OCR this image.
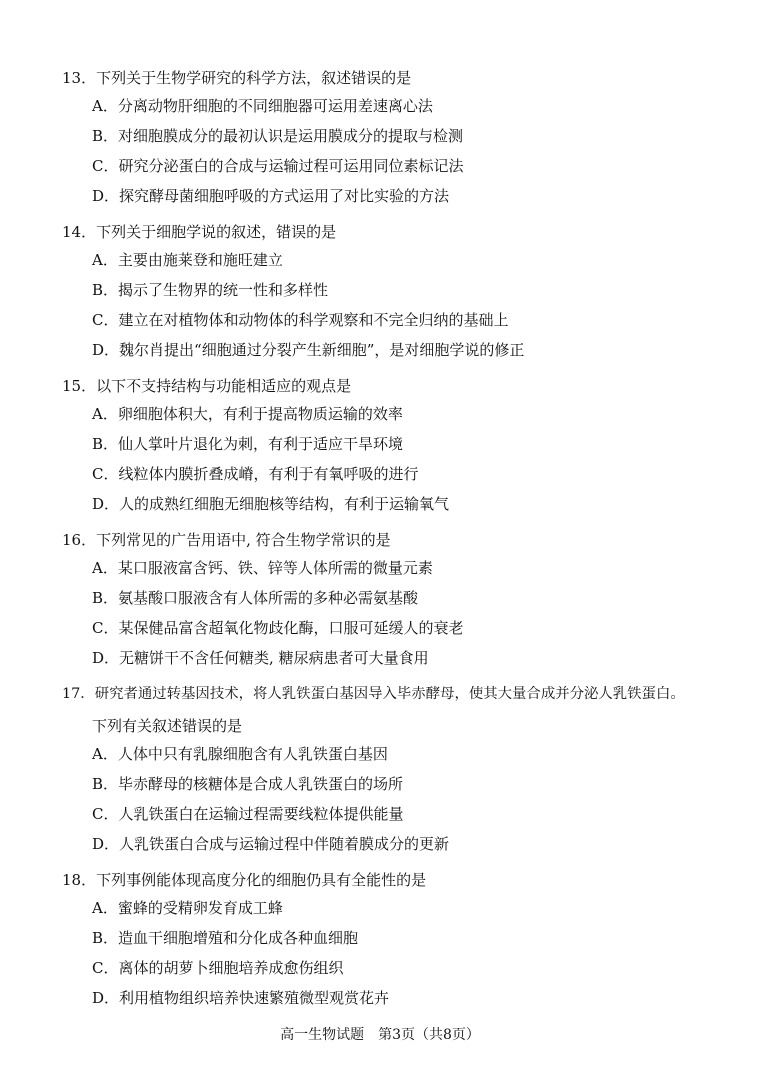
13．下列关于生物学研究的科学方法，叙述错误的是
A．分离动物肝细胞的不同细胞器可运用差速离心法
B．对细胞膜成分的最初认识是运用膜成分的提取与检测
C．研究分泌蛋白的合成与运输过程可运用同位素标记法
D．探究酵母菌细胞呼吸的方式运用了对比实验的方法
14．下列关于细胞学说的叙述，错误的是
A．主要由施莱登和施旺建立
B．揭示了生物界的统一性和多样性
C．建立在对植物体和动物体的科学观察和不完全归纳的基础上
D．魏尔肖提出“细胞通过分裂产生新细胞”，是对细胞学说的修正
15．以下不支持结构与功能相适应的观点是
A．卵细胞体积大，有利于提高物质运输的效率
B．仙人掌叶片退化为刺，有利于适应干旱环境
C．线粒体内膜折叠成嵴，有利于有氧呼吸的进行
D．人的成熟红细胞无细胞核等结构，有利于运输氧气
16．下列常见的广告用语中, 符合生物学常识的是
A．某口服液富含钙、铁、锌等人体所需的微量元素
B．氨基酸口服液含有人体所需的多种必需氨基酸
C．某保健品富含超氧化物歧化酶，口服可延缓人的衰老
D．无糖饼干不含任何糖类, 糖尿病患者可大量食用
17．研究者通过转基因技术，将人乳铁蛋白基因导入毕赤酵母，使其大量合成并分泌人乳铁蛋白。
下列有关叙述错误的是
A．人体中只有乳腺细胞含有人乳铁蛋白基因
B．毕赤酵母的核糖体是合成人乳铁蛋白的场所
C．人乳铁蛋白在运输过程需要线粒体提供能量
D．人乳铁蛋白合成与运输过程中伴随着膜成分的更新
18．下列事例能体现高度分化的细胞仍具有全能性的是
A．蜜蜂的受精卵发育成工蜂
B．造血干细胞增殖和分化成各种血细胞
C．离体的胡萝卜细胞培养成愈伤组织
D．利用植物组织培养快速繁殖微型观赏花卉
高一生物试题　第3页（共8页）
